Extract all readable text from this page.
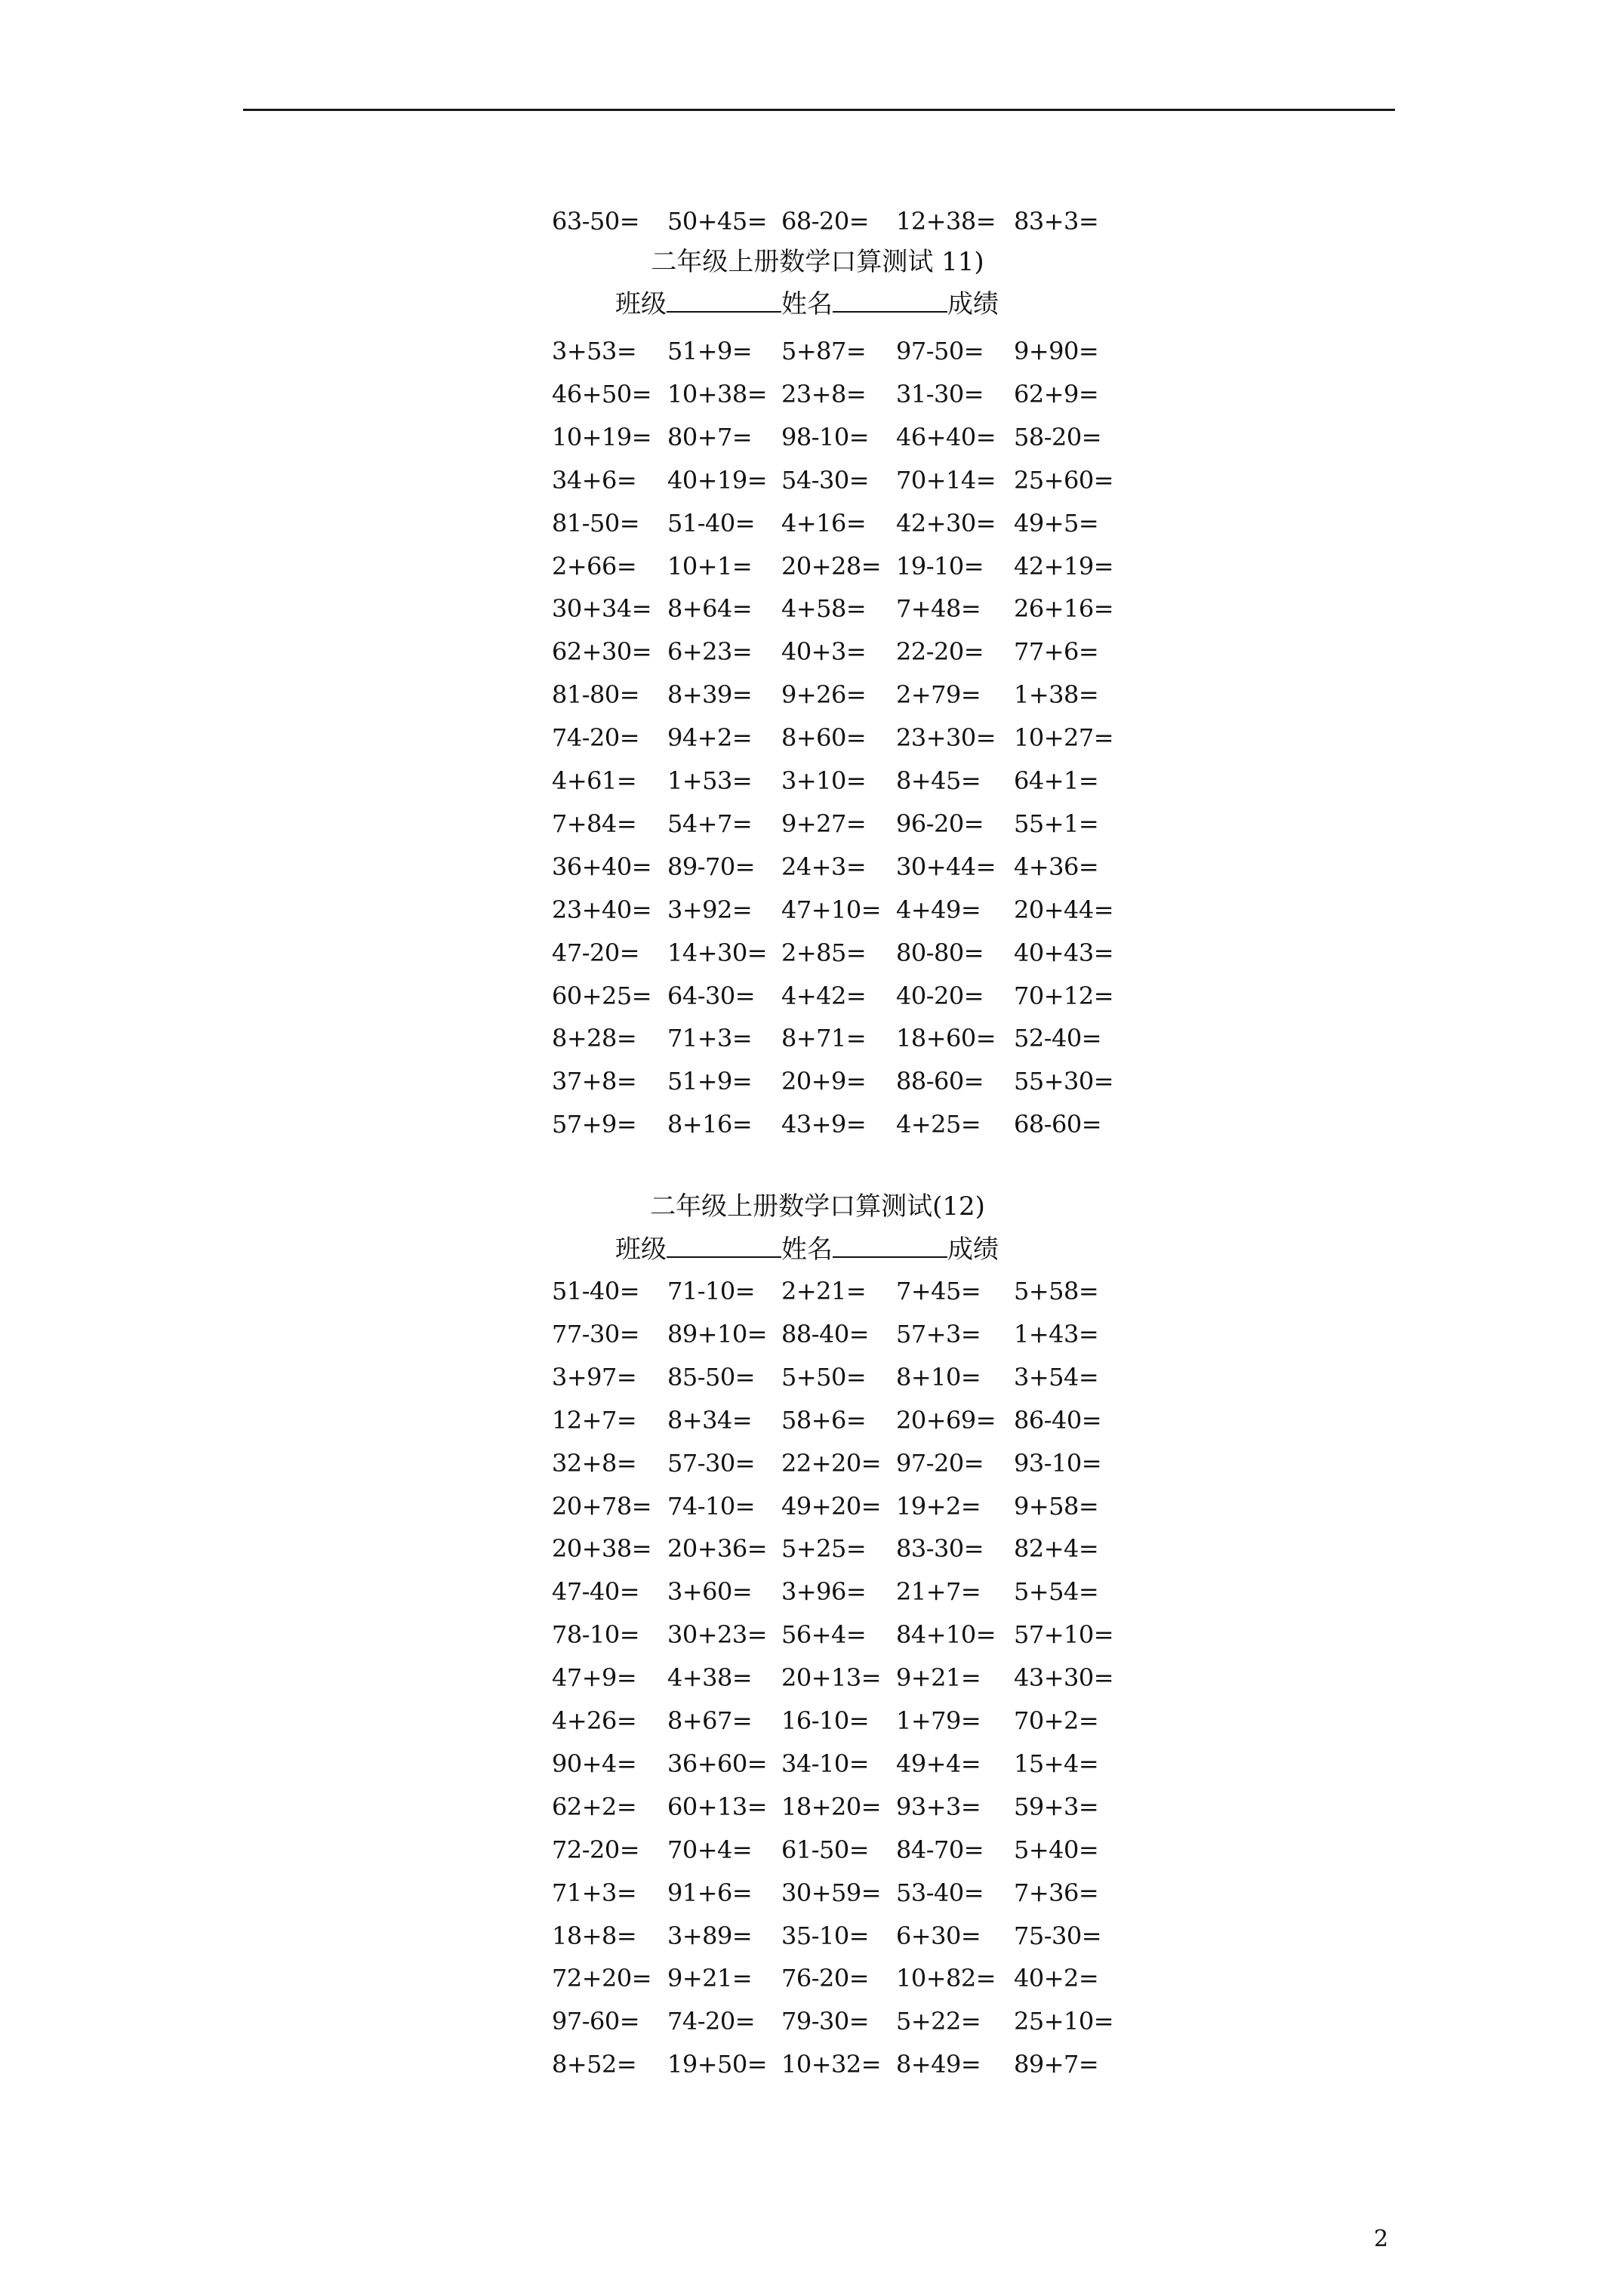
63-50= 50+45= 68-20= 12+38= 83+3=
二年级上册数学口算测试 11)
班级	姓名	成绩
3+53= 51+9= 5+87= 97-50= 9+90=
46+50= 10+38= 23+8= 31-30= 62+9=
10+19= 80+7= 98-10= 46+40= 58-20=
34+6= 40+19= 54-30= 70+14= 25+60=
81-50= 51-40= 4+16= 42+30= 49+5=
2+66= 10+1= 20+28= 19-10= 42+19=
30+34= 8+64= 4+58= 7+48= 26+16=
62+30= 6+23= 40+3= 22-20= 77+6=
81-80= 8+39= 9+26= 2+79= 1+38=
74-20= 94+2= 8+60= 23+30= 10+27=
4+61= 1+53= 3+10= 8+45= 64+1=
7+84= 54+7= 9+27= 96-20= 55+1=
36+40= 89-70= 24+3= 30+44= 4+36=
23+40= 3+92= 47+10= 4+49= 20+44=
47-20= 14+30= 2+85= 80-80= 40+43=
60+25= 64-30= 4+42= 40-20= 70+12=
8+28= 71+3= 8+71= 18+60= 52-40=
37+8= 51+9= 20+9= 88-60= 55+30=
57+9= 8+16= 43+9= 4+25= 68-60=
二年级上册数学口算测试(12)
班级	姓名	成绩
51-40= 71-10= 2+21= 7+45= 5+58=
77-30= 89+10= 88-40= 57+3= 1+43=
3+97= 85-50= 5+50= 8+10= 3+54=
12+7= 8+34= 58+6= 20+69= 86-40=
32+8= 57-30= 22+20= 97-20= 93-10=
20+78= 74-10= 49+20= 19+2= 9+58=
20+38= 20+36= 5+25= 83-30= 82+4=
47-40= 3+60= 3+96= 21+7= 5+54=
78-10= 30+23= 56+4= 84+10= 57+10=
47+9= 4+38= 20+13= 9+21= 43+30=
4+26= 8+67= 16-10= 1+79= 70+2=
90+4= 36+60= 34-10= 49+4= 15+4=
62+2= 60+13= 18+20= 93+3= 59+3=
72-20= 70+4= 61-50= 84-70= 5+40=
71+3= 91+6= 30+59= 53-40= 7+36=
18+8= 3+89= 35-10= 6+30= 75-30=
72+20= 9+21= 76-20= 10+82= 40+2=
97-60= 74-20= 79-30= 5+22= 25+10=
8+52= 19+50= 10+32= 8+49= 89+7=
2
